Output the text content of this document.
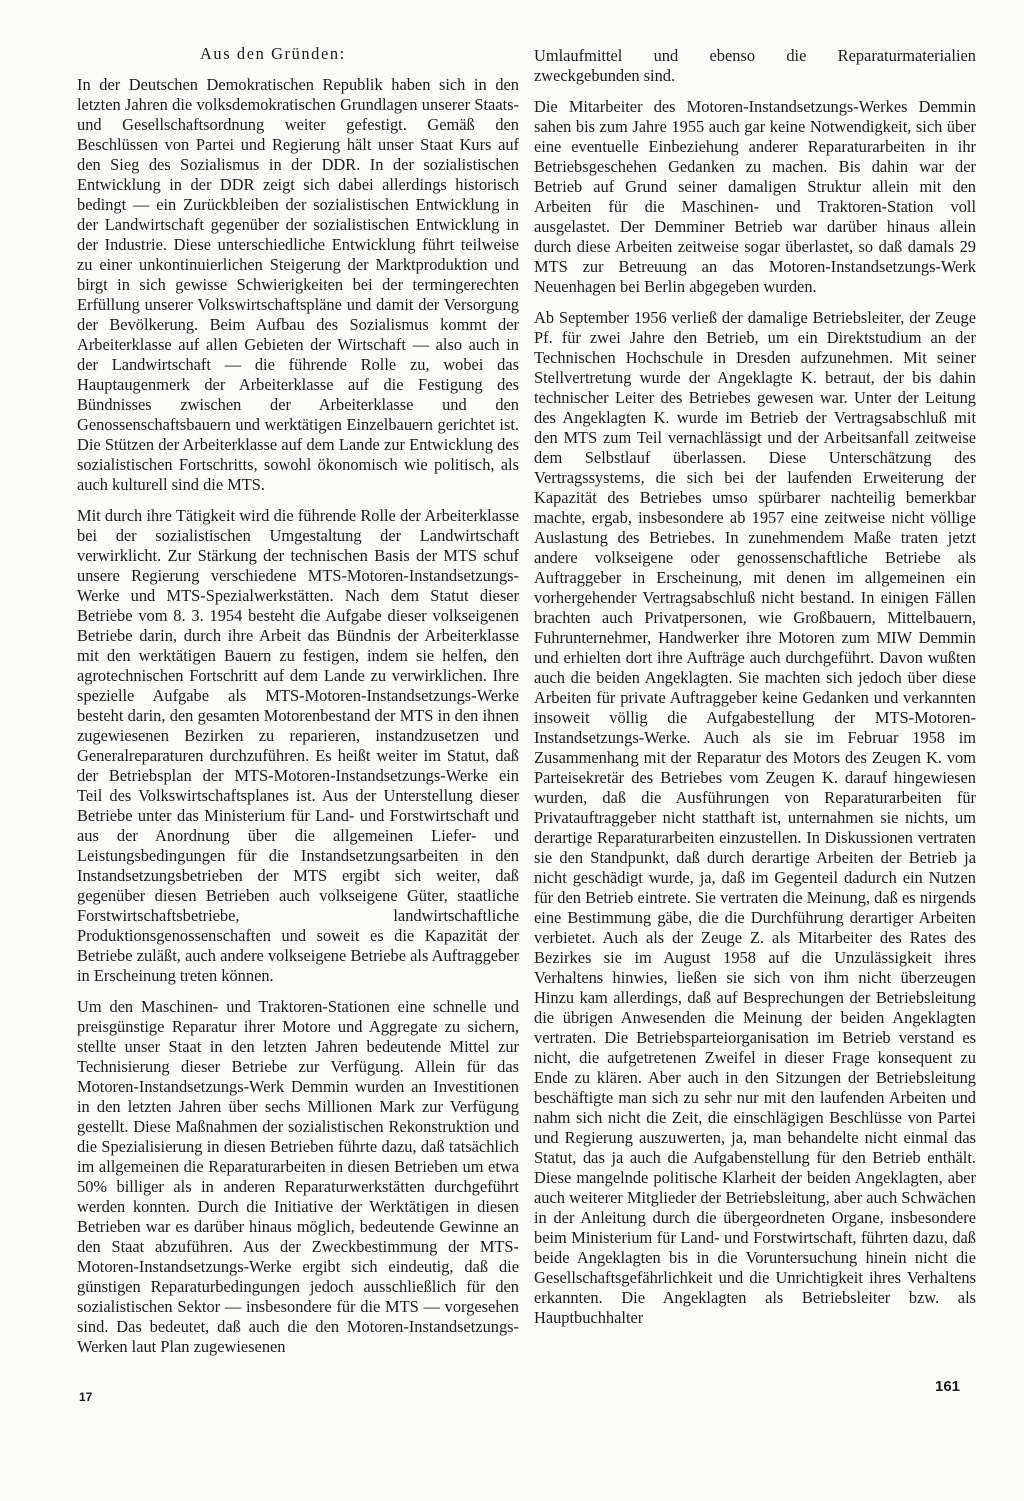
Aus den Gründen:

In der Deutschen Demokratischen Republik haben sich in den letzten Jahren die volksdemokratischen Grundlagen unserer Staats- und Gesellschaftsordnung weiter gefestigt. Gemäß den Beschlüssen von Partei und Regierung hält unser Staat Kurs auf den Sieg des Sozialismus in der DDR. In der sozialistischen Entwicklung in der DDR zeigt sich dabei allerdings historisch bedingt — ein Zurückbleiben der sozialistischen Entwicklung in der Landwirtschaft gegenüber der sozialistischen Entwicklung in der Industrie. Diese unterschiedliche Entwicklung führt teilweise zu einer unkontinuierlichen Steigerung der Marktproduktion und birgt in sich gewisse Schwierigkeiten bei der termingerechten Erfüllung unserer Volkswirtschaftspläne und damit der Versorgung der Bevölkerung. Beim Aufbau des Sozialismus kommt der Arbeiterklasse auf allen Gebieten der Wirtschaft — also auch in der Landwirtschaft — die führende Rolle zu, wobei das Hauptaugenmerk der Arbeiterklasse auf die Festigung des Bündnisses zwischen der Arbeiterklasse und den Genossenschaftsbauern und werktätigen Einzelbauern gerichtet ist. Die Stützen der Arbeiterklasse auf dem Lande zur Entwicklung des sozialistischen Fortschritts, sowohl ökonomisch wie politisch, als auch kulturell sind die MTS.

Mit durch ihre Tätigkeit wird die führende Rolle der Arbeiterklasse bei der sozialistischen Umgestaltung der Landwirtschaft verwirklicht. Zur Stärkung der technischen Basis der MTS schuf unsere Regierung verschiedene MTS-Motoren-Instandsetzungs-Werke und MTS-Spezialwerkstätten. Nach dem Statut dieser Betriebe vom 8. 3. 1954 besteht die Aufgabe dieser volkseigenen Betriebe darin, durch ihre Arbeit das Bündnis der Arbeiterklasse mit den werktätigen Bauern zu festigen, indem sie helfen, den agrotechnischen Fortschritt auf dem Lande zu verwirklichen. Ihre spezielle Aufgabe als MTS-Motoren-Instandsetzungs-Werke besteht darin, den gesamten Motorenbestand der MTS in den ihnen zugewiesenen Bezirken zu reparieren, instandzusetzen und Generalreparaturen durchzuführen. Es heißt weiter im Statut, daß der Betriebsplan der MTS-Motoren-Instandsetzungs-Werke ein Teil des Volkswirtschaftsplanes ist. Aus der Unterstellung dieser Betriebe unter das Ministerium für Land- und Forstwirtschaft und aus der Anordnung über die allgemeinen Liefer- und Leistungsbedingungen für die Instandsetzungsarbeiten in den Instandsetzungsbetrieben der MTS ergibt sich weiter, daß gegenüber diesen Betrieben auch volkseigene Güter, staatliche Forstwirtschaftsbetriebe, landwirtschaftliche Produktionsgenossenschaften und soweit es die Kapazität der Betriebe zuläßt, auch andere volkseigene Betriebe als Auftraggeber in Erscheinung treten können.

Um den Maschinen- und Traktoren-Stationen eine schnelle und preisgünstige Reparatur ihrer Motore und Aggregate zu sichern, stellte unser Staat in den letzten Jahren bedeutende Mittel zur Technisierung dieser Betriebe zur Verfügung. Allein für das Motoren-Instandsetzungs-Werk Demmin wurden an Investitionen in den letzten Jahren über sechs Millionen Mark zur Verfügung gestellt. Diese Maßnahmen der sozialistischen Rekonstruktion und die Spezialisierung in diesen Betrieben führte dazu, daß tatsächlich im allgemeinen die Reparaturarbeiten in diesen Betrieben um etwa 50% billiger als in anderen Reparaturwerkstätten durchgeführt werden konnten. Durch die Initiative der Werktätigen in diesen Betrieben war es darüber hinaus möglich, bedeutende Gewinne an den Staat abzuführen. Aus der Zweckbestimmung der MTS-Motoren-Instandsetzungs-Werke ergibt sich eindeutig, daß die günstigen Reparaturbedingungen jedoch ausschließlich für den sozialistischen Sektor — insbesondere für die MTS — vorgesehen sind. Das bedeutet, daß auch die den Motoren-Instandsetzungs-Werken laut Plan zugewiesenen

Umlaufmittel und ebenso die Reparaturmaterialien zweckgebunden sind.

Die Mitarbeiter des Motoren-Instandsetzungs-Werkes Demmin sahen bis zum Jahre 1955 auch gar keine Notwendigkeit, sich über eine eventuelle Einbeziehung anderer Reparaturarbeiten in ihr Betriebsgeschehen Gedanken zu machen. Bis dahin war der Betrieb auf Grund seiner damaligen Struktur allein mit den Arbeiten für die Maschinen- und Traktoren-Station voll ausgelastet. Der Demminer Betrieb war darüber hinaus allein durch diese Arbeiten zeitweise sogar überlastet, so daß damals 29 MTS zur Betreuung an das Motoren-Instandsetzungs-Werk Neuenhagen bei Berlin abgegeben wurden.

Ab September 1956 verließ der damalige Betriebsleiter, der Zeuge Pf. für zwei Jahre den Betrieb, um ein Direktstudium an der Technischen Hochschule in Dresden aufzunehmen. Mit seiner Stellvertretung wurde der Angeklagte K. betraut, der bis dahin technischer Leiter des Betriebes gewesen war. Unter der Leitung des Angeklagten K. wurde im Betrieb der Vertragsabschluß mit den MTS zum Teil vernachlässigt und der Arbeitsanfall zeitweise dem Selbstlauf überlassen. Diese Unterschätzung des Vertragssystems, die sich bei der laufenden Erweiterung der Kapazität des Betriebes umso spürbarer nachteilig bemerkbar machte, ergab, insbesondere ab 1957 eine zeitweise nicht völlige Auslastung des Betriebes. In zunehmendem Maße traten jetzt andere volkseigene oder genossenschaftliche Betriebe als Auftraggeber in Erscheinung, mit denen im allgemeinen ein vorhergehender Vertragsabschluß nicht bestand. In einigen Fällen brachten auch Privatpersonen, wie Großbauern, Mittelbauern, Fuhrunternehmer, Handwerker ihre Motoren zum MIW Demmin und erhielten dort ihre Aufträge auch durchgeführt. Davon wußten auch die beiden Angeklagten. Sie machten sich jedoch über diese Arbeiten für private Auftraggeber keine Gedanken und verkannten insoweit völlig die Aufgabestellung der MTS-Motoren-Instandsetzungs-Werke. Auch als sie im Februar 1958 im Zusammenhang mit der Reparatur des Motors des Zeugen K. vom Parteisekretär des Betriebes vom Zeugen K. darauf hingewiesen wurden, daß die Ausführungen von Reparaturarbeiten für Privatauftraggeber nicht statthaft ist, unternahmen sie nichts, um derartige Reparaturarbeiten einzustellen. In Diskussionen vertraten sie den Standpunkt, daß durch derartige Arbeiten der Betrieb ja nicht geschädigt wurde, ja, daß im Gegenteil dadurch ein Nutzen für den Betrieb eintrete. Sie vertraten die Meinung, daß es nirgends eine Bestimmung gäbe, die die Durchführung derartiger Arbeiten verbietet. Auch als der Zeuge Z. als Mitarbeiter des Rates des Bezirkes sie im August 1958 auf die Unzulässigkeit ihres Verhaltens hinwies, ließen sie sich von ihm nicht überzeugen Hinzu kam allerdings, daß auf Besprechungen der Betriebsleitung die übrigen Anwesenden die Meinung der beiden Angeklagten vertraten. Die Betriebsparteiorganisation im Betrieb verstand es nicht, die aufgetretenen Zweifel in dieser Frage konsequent zu Ende zu klären. Aber auch in den Sitzungen der Betriebsleitung beschäftigte man sich zu sehr nur mit den laufenden Arbeiten und nahm sich nicht die Zeit, die einschlägigen Beschlüsse von Partei und Regierung auszuwerten, ja, man behandelte nicht einmal das Statut, das ja auch die Aufgabenstellung für den Betrieb enthält. Diese mangelnde politische Klarheit der beiden Angeklagten, aber auch weiterer Mitglieder der Betriebsleitung, aber auch Schwächen in der Anleitung durch die übergeordneten Organe, insbesondere beim Ministerium für Land- und Forstwirtschaft, führten dazu, daß beide Angeklagten bis in die Voruntersuchung hinein nicht die Gesellschaftsgefährlichkeit und die Unrichtigkeit ihres Verhaltens erkannten. Die Angeklagten als Betriebsleiter bzw. als Hauptbuchhalter

17
161
